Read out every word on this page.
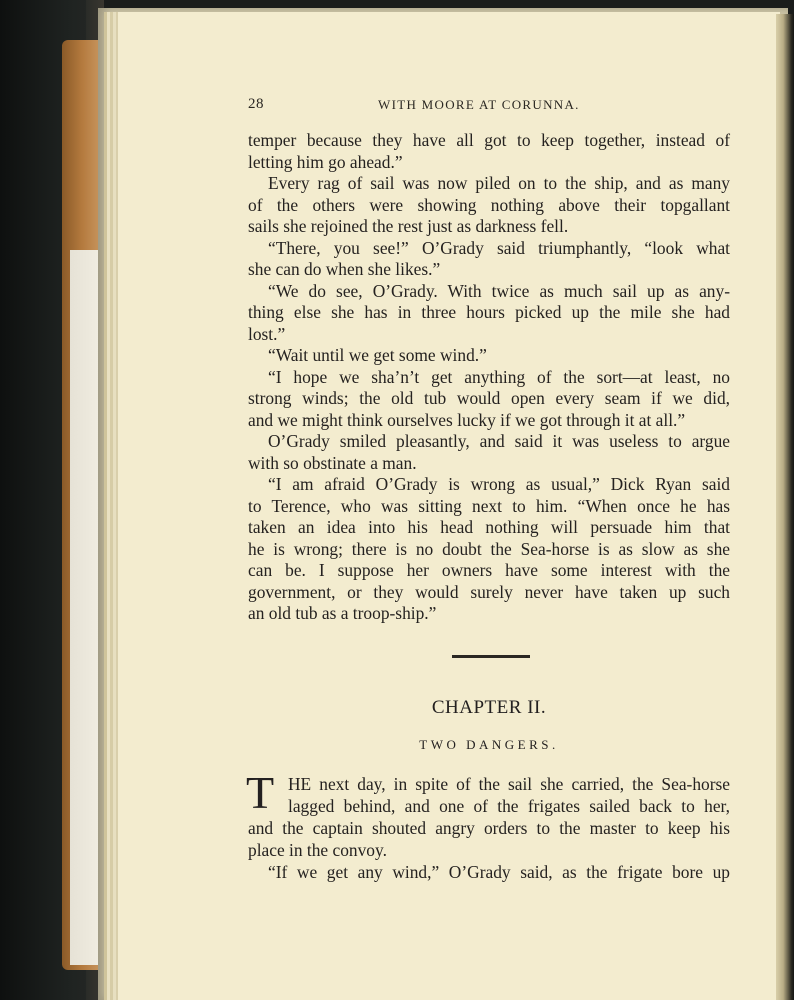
28	WITH MOORE AT CORUNNA.
temper because they have all got to keep together, instead of
letting him go ahead.”
Every rag of sail was now piled on to the ship, and as many
of the others were showing nothing above their topgallant
sails she rejoined the rest just as darkness fell.
“There, you see!” O’Grady said triumphantly, “look what
she can do when she likes.”
“We do see, O’Grady. With twice as much sail up as any-
thing else she has in three hours picked up the mile she had
lost.”
“Wait until we get some wind.”
“I hope we sha’n’t get anything of the sort—at least, no
strong winds; the old tub would open every seam if we did,
and we might think ourselves lucky if we got through it at all.”
O’Grady smiled pleasantly, and said it was useless to argue
with so obstinate a man.
“I am afraid O’Grady is wrong as usual,” Dick Ryan said
to Terence, who was sitting next to him. “When once he has
taken an idea into his head nothing will persuade him that
he is wrong; there is no doubt the Sea-horse is as slow as she
can be. I suppose her owners have some interest with the
government, or they would surely never have taken up such
an old tub as a troop-ship.”
CHAPTER II.
TWO DANGERS.
T HE next day, in spite of the sail she carried, the Sea-horse
lagged behind, and one of the frigates sailed back to her,
and the captain shouted angry orders to the master to keep his
place in the convoy.
“If we get any wind,” O’Grady said, as the frigate bore up
